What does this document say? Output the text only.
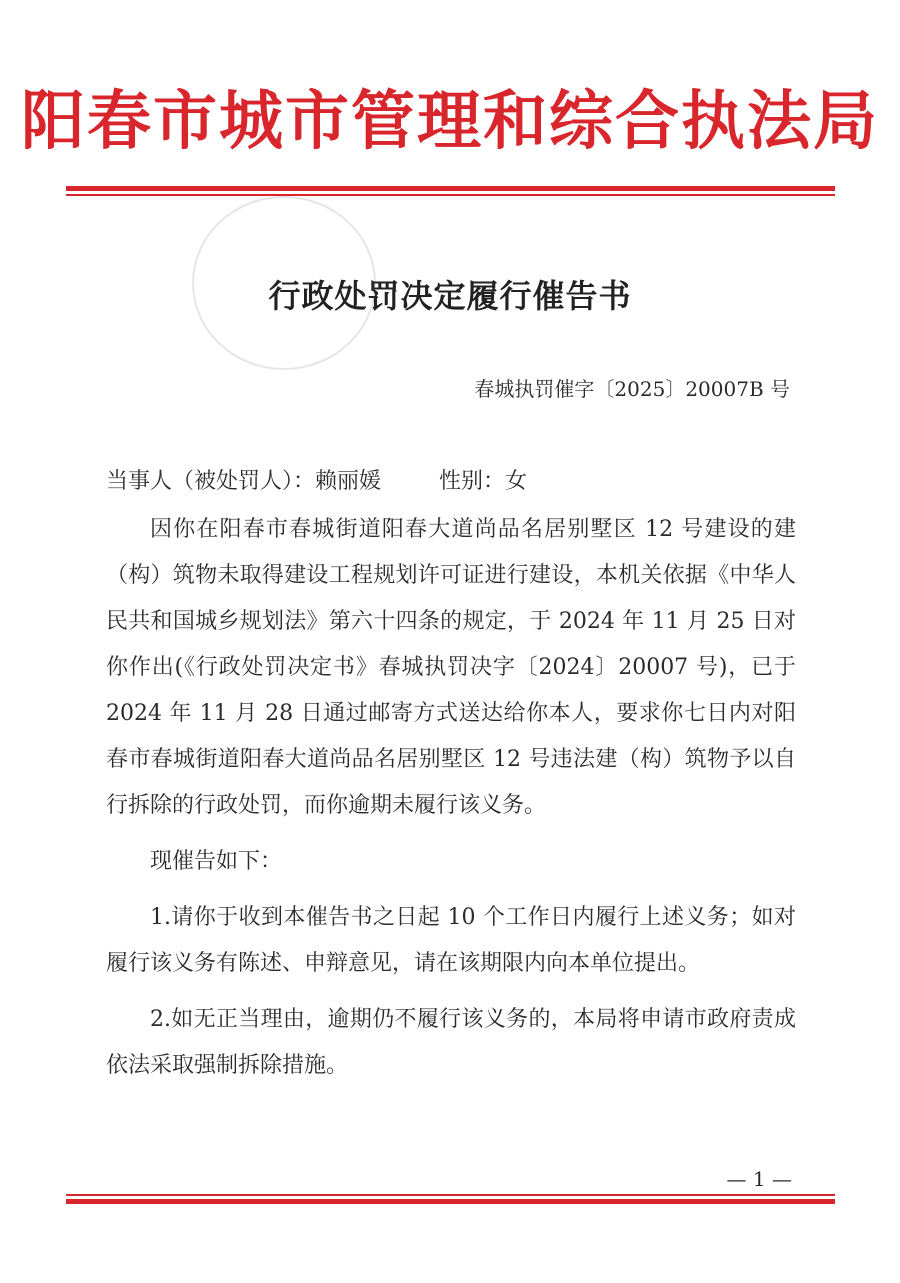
阳春市城市管理和综合执法局
行政处罚决定履行催告书
春城执罚催字〔2025〕20007B 号
当事人（被处罚人）：赖丽媛	性别：女

因你在阳春市春城街道阳春大道尚品名居别墅区 12 号建设的建（构）筑物未取得建设工程规划许可证进行建设，本机关依据《中华人民共和国城乡规划法》第六十四条的规定，于 2024 年 11 月 25 日对你作出(《行政处罚决定书》春城执罚决字〔2024〕20007 号)，已于 2024 年 11 月 28 日通过邮寄方式送达给你本人，要求你七日内对阳春市春城街道阳春大道尚品名居别墅区 12 号违法建（构）筑物予以自行拆除的行政处罚，而你逾期未履行该义务。

现催告如下：

1.请你于收到本催告书之日起 10 个工作日内履行上述义务；如对履行该义务有陈述、申辩意见，请在该期限内向本单位提出。

2.如无正当理由，逾期仍不履行该义务的，本局将申请市政府责成依法采取强制拆除措施。

— 1 —
